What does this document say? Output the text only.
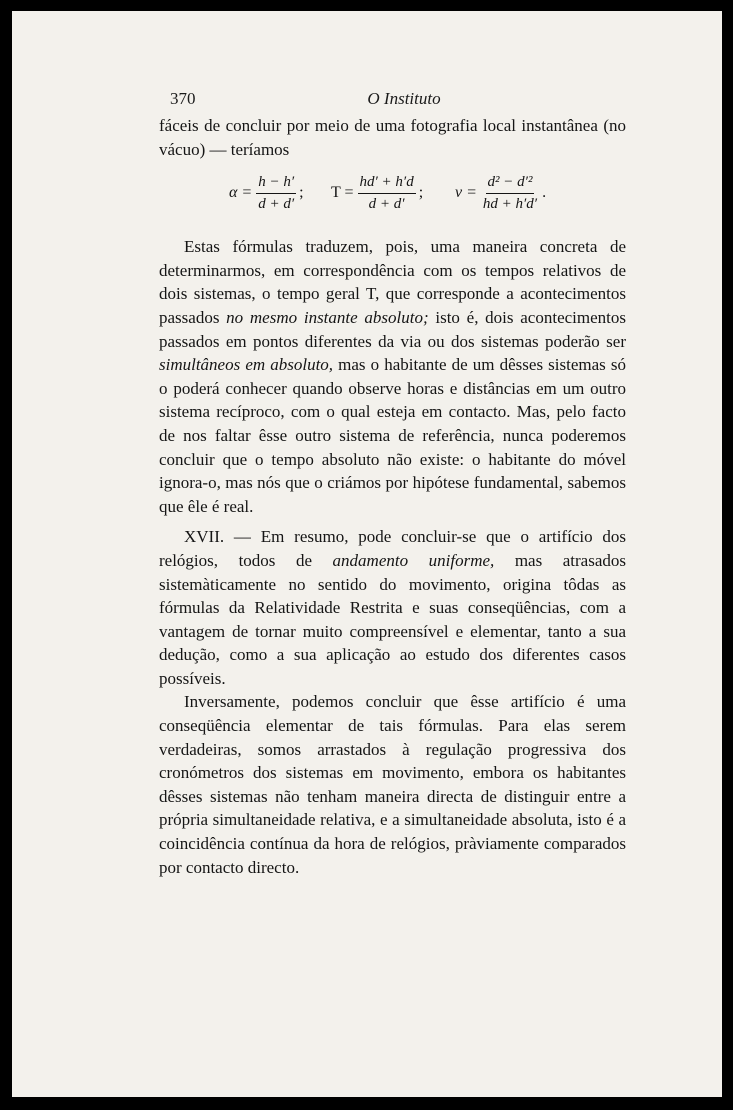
370	O Instituto

fáceis de concluir por meio de uma fotografia local instantânea (no vácuo) — teríamos

$\alpha = \frac{h - h'}{d + d'}$ ; $T = \frac{hd' + h'd}{d + d'}$ ; $v = \frac{\text{d² − d′²}}{hd + h'd'}$ .

Estas fórmulas traduzem, pois, uma maneira concreta de determinarmos, em correspondência com os tempos relativos de dois sistemas, o tempo geral T, que corresponde a acontecimentos passados no mesmo instante absoluto; isto é, dois acontecimentos passados em pontos diferentes da via ou dos sistemas poderão ser simultâneos em absoluto, mas o habitante de um dêsses sistemas só o poderá conhecer quando observe horas e distâncias em um outro sistema recíproco, com o qual esteja em contacto. Mas, pelo facto de nos faltar êsse outro sistema de referência, nunca poderemos concluir que o tempo absoluto não existe: o habitante do móvel ignora-o, mas nós que o criámos por hipótese fundamental, sabemos que êle é real.

XVII. — Em resumo, pode concluir-se que o artifício dos relógios, todos de andamento uniforme, mas atrasados sistemàticamente no sentido do movimento, origina tôdas as fórmulas da Relatividade Restrita e suas conseqüências, com a vantagem de tornar muito compreensível e elementar, tanto a sua dedução, como a sua aplicação ao estudo dos diferentes casos possíveis.

Inversamente, podemos concluir que êsse artifício é uma conseqüência elementar de tais fórmulas. Para elas serem verdadeiras, somos arrastados à regulação progressiva dos cronómetros dos sistemas em movimento, embora os habitantes dêsses sistemas não tenham maneira directa de distinguir entre a própria simultaneidade relativa, e a simultaneidade absoluta, isto é a coincidência contínua da hora de relógios, pràviamente comparados por contacto directo.
